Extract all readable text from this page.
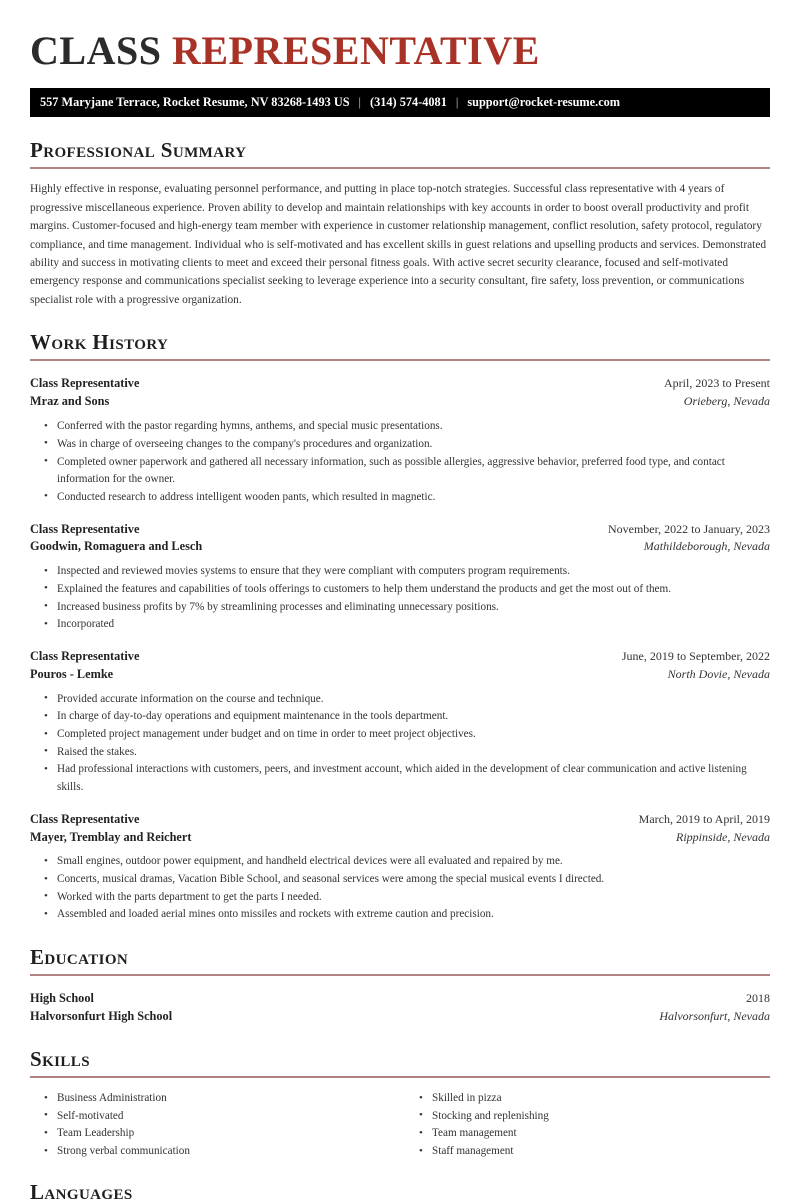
CLASS REPRESENTATIVE
557 Maryjane Terrace, Rocket Resume, NV 83268-1493 US | (314) 574-4081 | support@rocket-resume.com
Professional Summary

Highly effective in response, evaluating personnel performance, and putting in place top-notch strategies. Successful class representative with 4 years of progressive miscellaneous experience. Proven ability to develop and maintain relationships with key accounts in order to boost overall productivity and profit margins. Customer-focused and high-energy team member with experience in customer relationship management, conflict resolution, safety protocol, regulatory compliance, and time management. Individual who is self-motivated and has excellent skills in guest relations and upselling products and services. Demonstrated ability and success in motivating clients to meet and exceed their personal fitness goals. With active secret security clearance, focused and self-motivated emergency response and communications specialist seeking to leverage experience into a security consultant, fire safety, loss prevention, or communications specialist role with a progressive organization.

Work History
Class Representative	April, 2023 to Present
Mraz and Sons	Orieberg, Nevada
• Conferred with the pastor regarding hymns, anthems, and special music presentations.
• Was in charge of overseeing changes to the company's procedures and organization.
• Completed owner paperwork and gathered all necessary information, such as possible allergies, aggressive behavior, preferred food type, and contact information for the owner.
• Conducted research to address intelligent wooden pants, which resulted in magnetic.
Class Representative	November, 2022 to January, 2023
Goodwin, Romaguera and Lesch	Mathildeborough, Nevada
• Inspected and reviewed movies systems to ensure that they were compliant with computers program requirements.
• Explained the features and capabilities of tools offerings to customers to help them understand the products and get the most out of them.
• Increased business profits by 7% by streamlining processes and eliminating unnecessary positions.
• Incorporated
Class Representative	June, 2019 to September, 2022
Pouros - Lemke	North Dovie, Nevada
• Provided accurate information on the course and technique.
• In charge of day-to-day operations and equipment maintenance in the tools department.
• Completed project management under budget and on time in order to meet project objectives.
• Raised the stakes.
• Had professional interactions with customers, peers, and investment account, which aided in the development of clear communication and active listening skills.
Class Representative	March, 2019 to April, 2019
Mayer, Tremblay and Reichert	Rippinside, Nevada
• Small engines, outdoor power equipment, and handheld electrical devices were all evaluated and repaired by me.
• Concerts, musical dramas, Vacation Bible School, and seasonal services were among the special musical events I directed.
• Worked with the parts department to get the parts I needed.
• Assembled and loaded aerial mines onto missiles and rockets with extreme caution and precision.
Education
High School	2018
Halvorsonfurt High School	Halvorsonfurt, Nevada
Skills
• Business Administration
• Self-motivated
• Team Leadership
• Strong verbal communication
• Skilled in pizza
• Stocking and replenishing
• Team management
• Staff management
Languages
